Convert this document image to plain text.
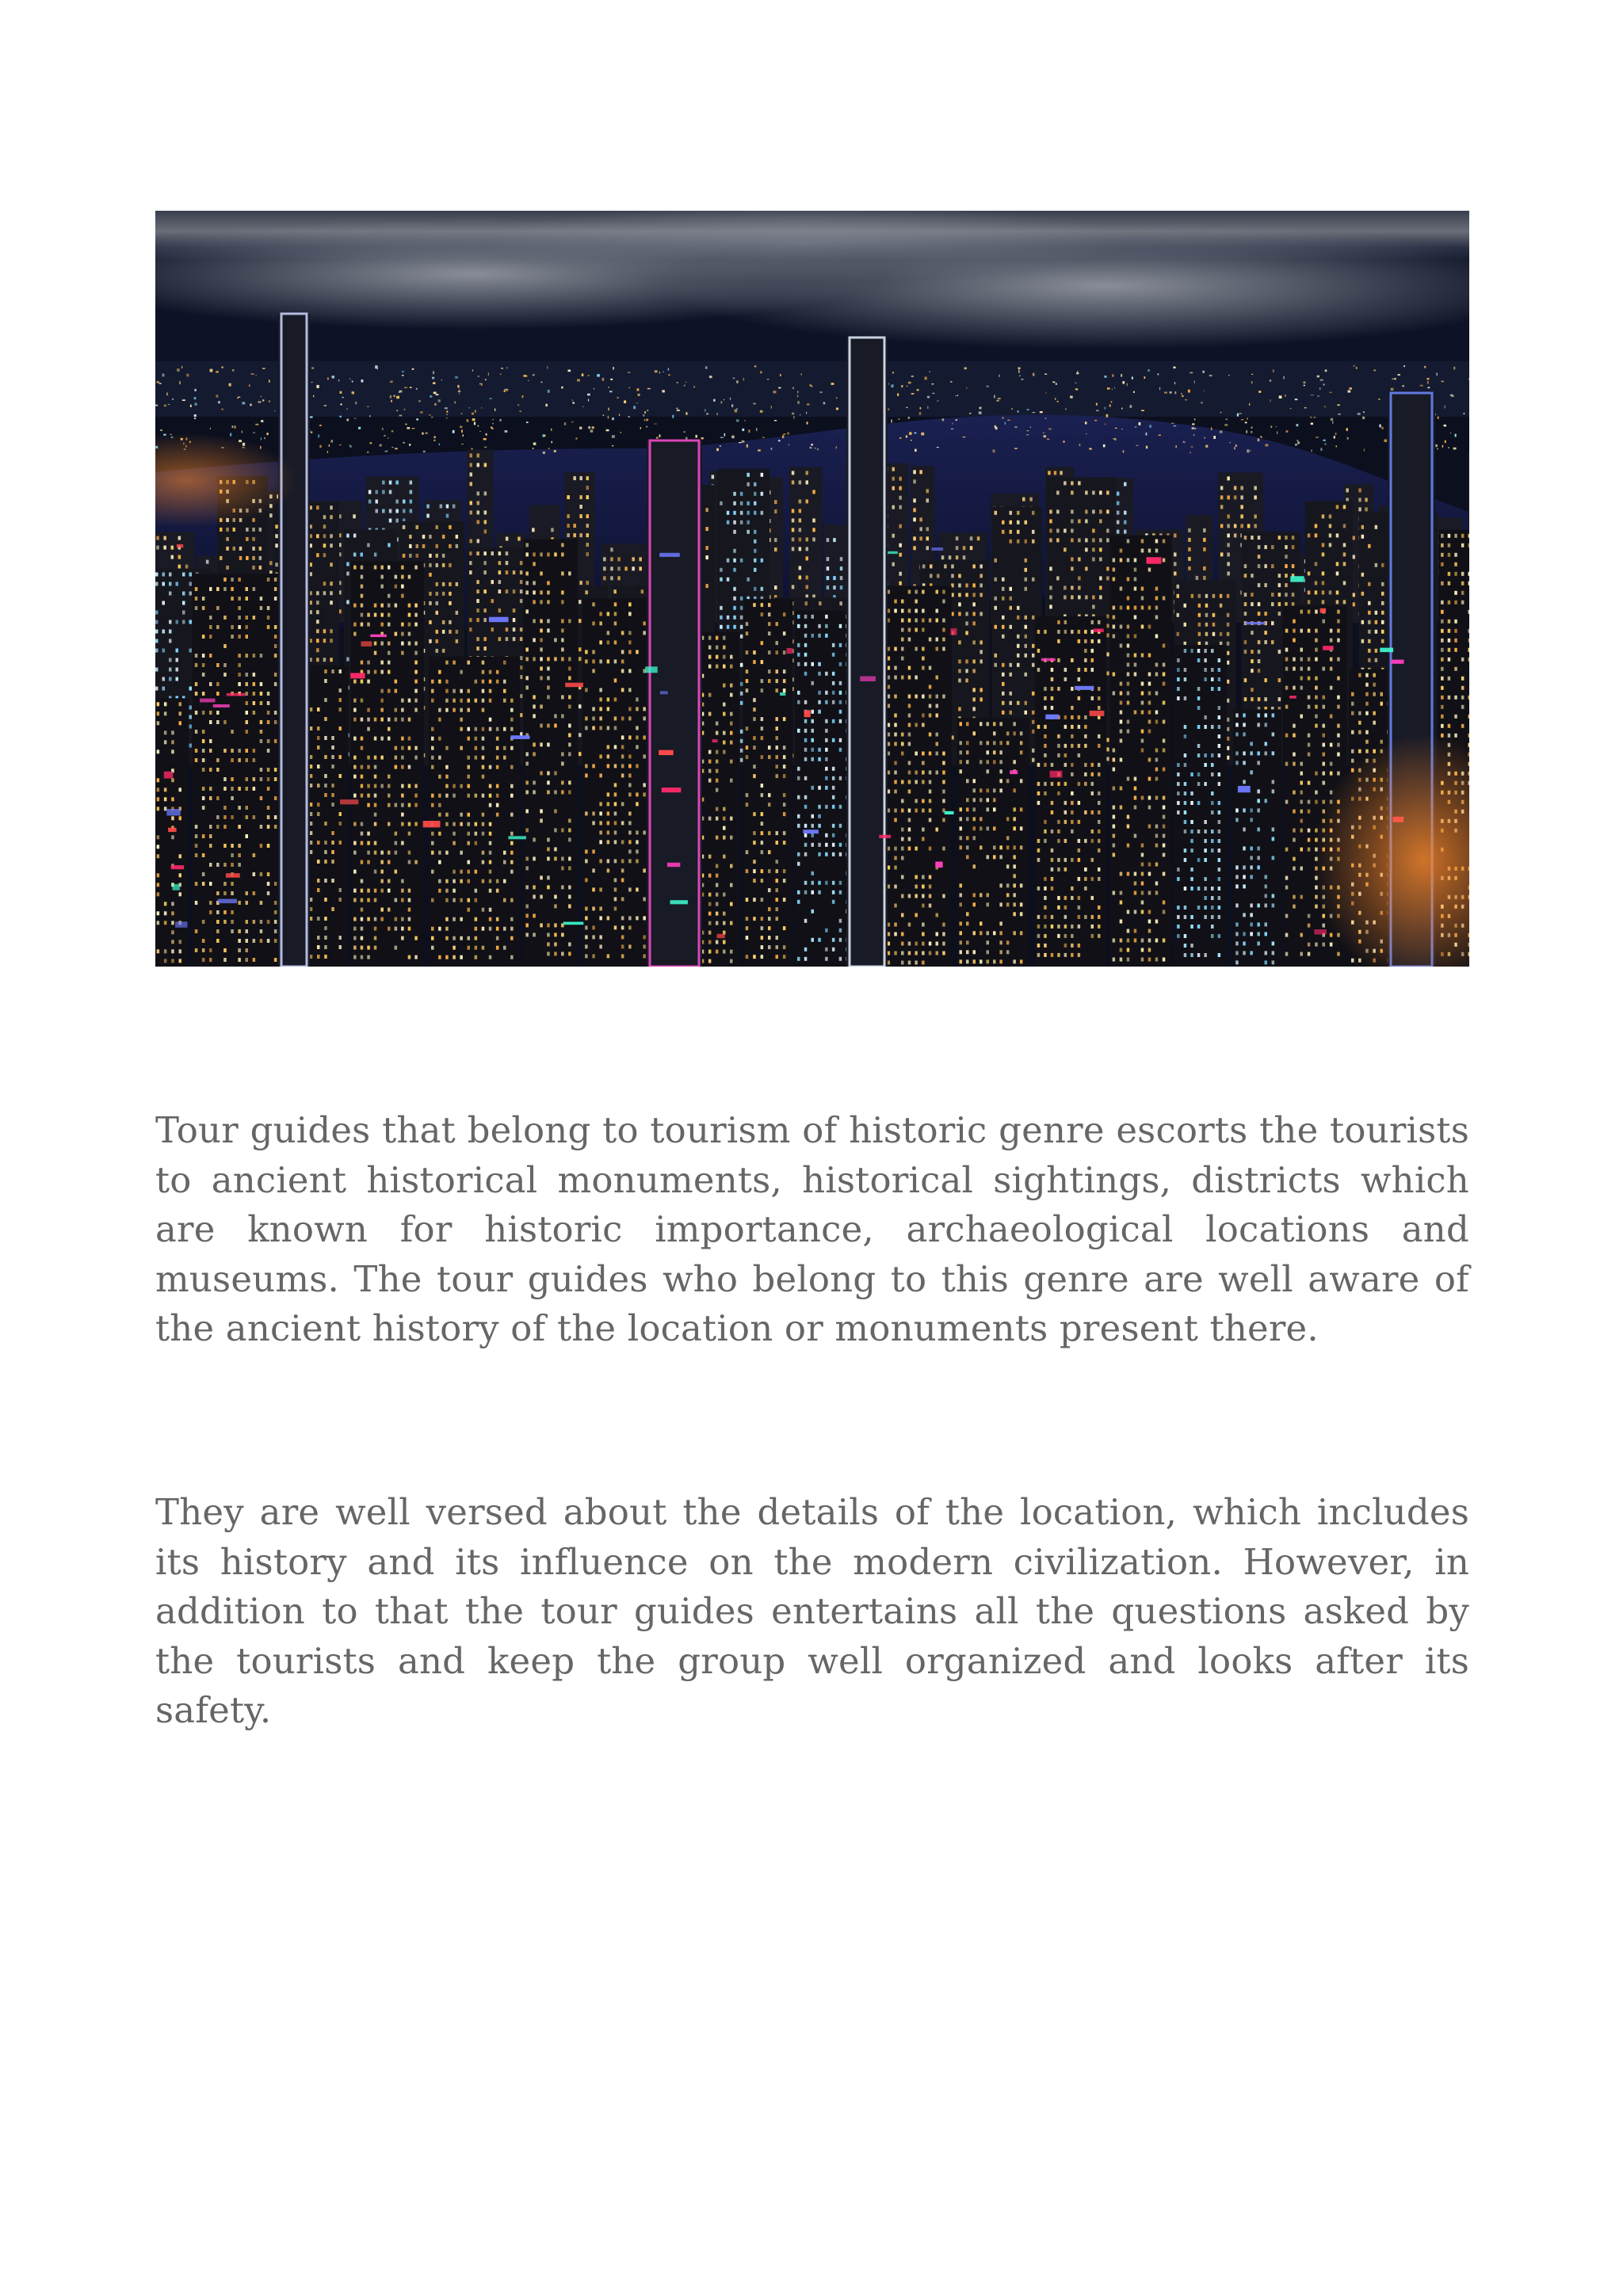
Tour guides that belong to tourism of historic genre escorts the tourists to ancient historical monuments, historical sightings, districts which are known for historic importance, archaeological locations and museums. The tour guides who belong to this genre are well aware of the ancient history of the location or monuments present there.

They are well versed about the details of the location, which includes its history and its influence on the modern civilization. However, in addition to that the tour guides entertains all the questions asked by the tourists and keep the group well organized and looks after its safety.
